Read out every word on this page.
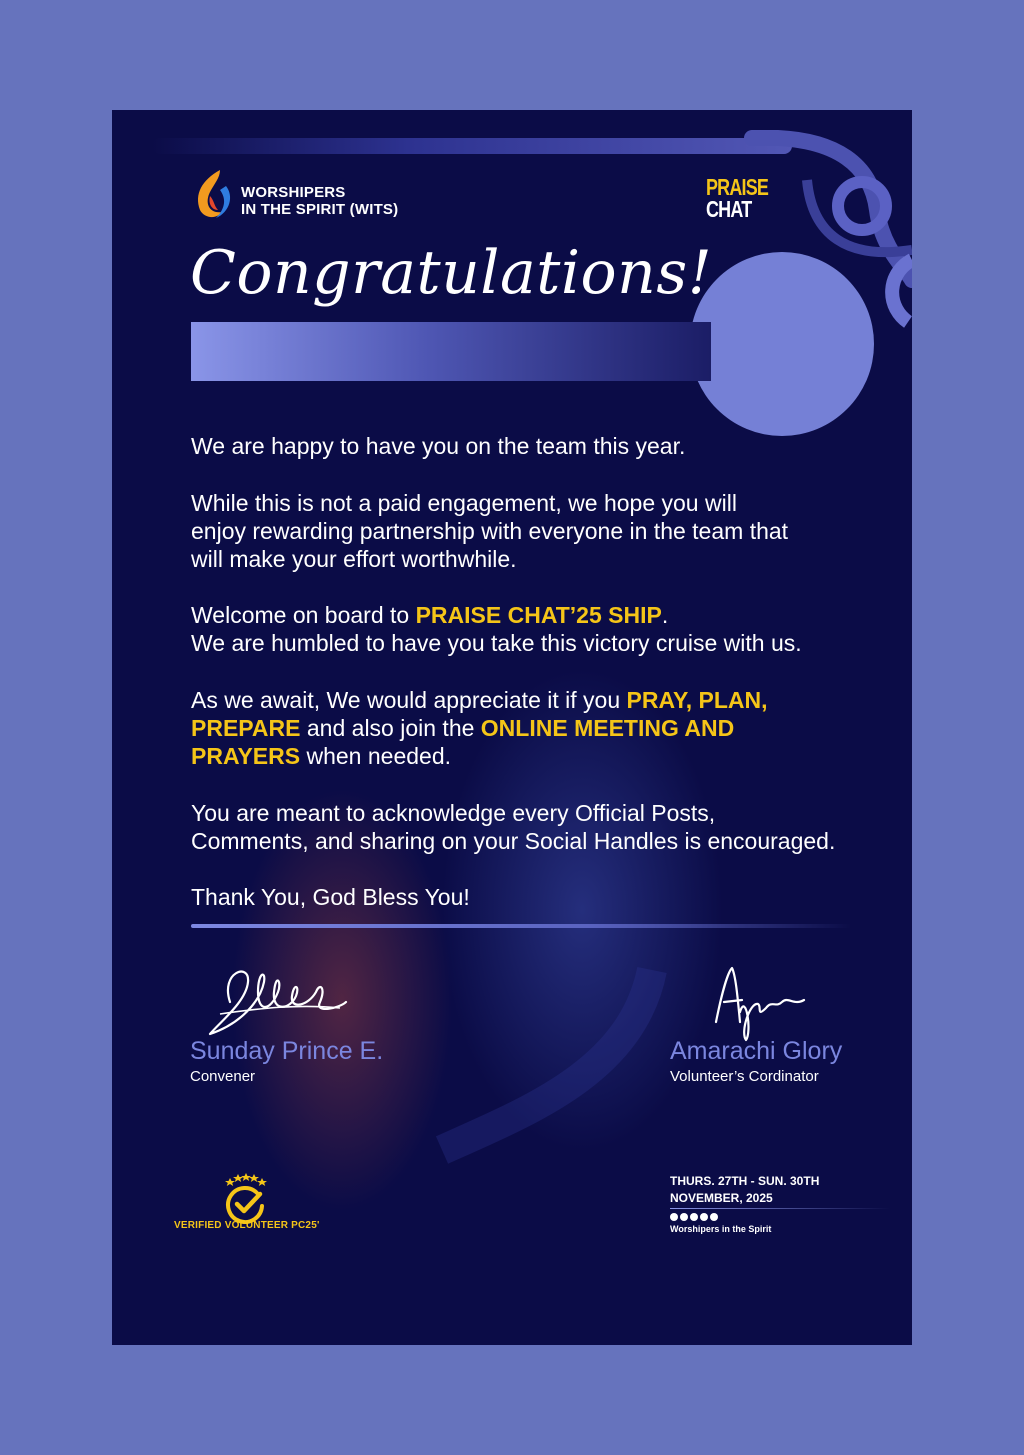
WORSHIPERS
IN THE SPIRIT (WITS)
PRAISE
CHAT
Congratulations!
We are happy to have you on the team this year.
While this is not a paid engagement, we hope you will
enjoy rewarding partnership with everyone in the team that
will make your effort worthwhile.
Welcome on board to PRAISE CHAT’25 SHIP.
We are humbled to have you take this victory cruise with us.
As we await, We would appreciate it if you PRAY, PLAN,
PREPARE and also join the ONLINE MEETING AND
PRAYERS when needed.
You are meant to acknowledge every Official Posts,
Comments, and sharing on your Social Handles is encouraged.
Thank You, God Bless You!
Sunday Prince E.
Convener
Amarachi Glory
Volunteer’s Cordinator
VERIFIED VOLUNTEER PC25'
THURS. 27TH - SUN. 30TH
NOVEMBER, 2025
Worshipers in the Spirit
